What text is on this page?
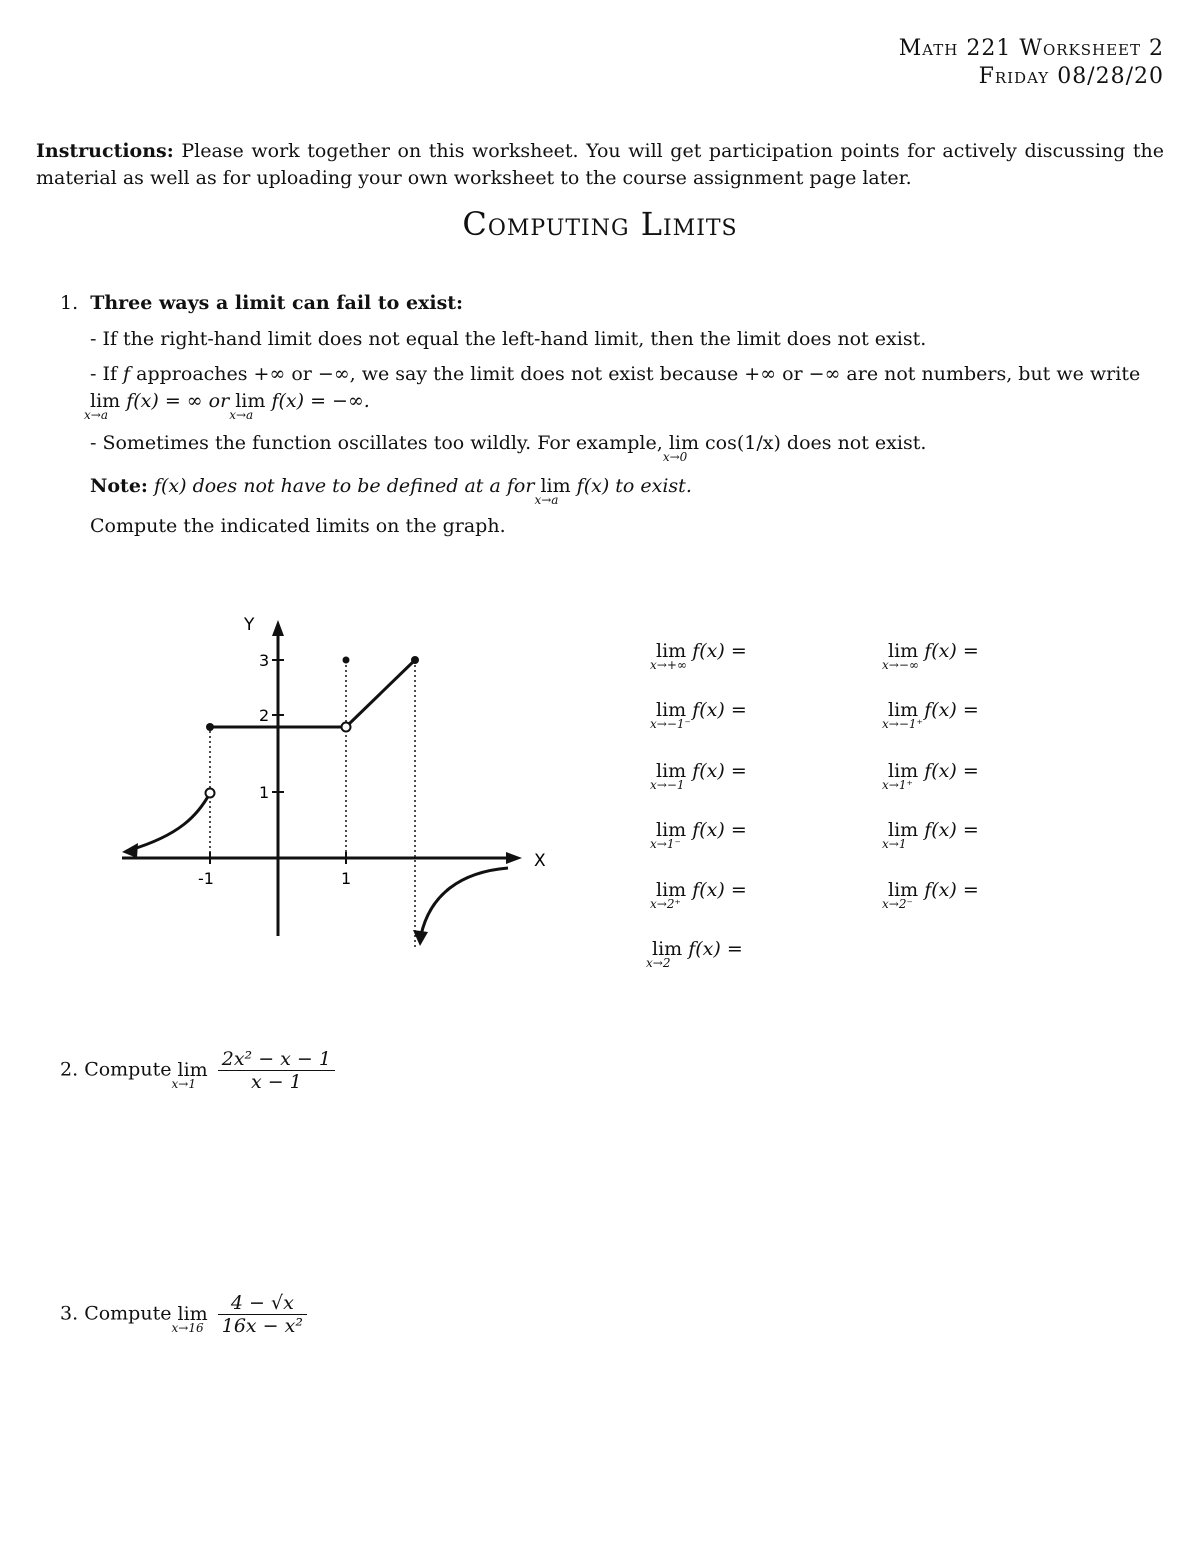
Math 221 Worksheet 2
Friday 08/28/20
Instructions: Please work together on this worksheet. You will get participation points for actively discussing the material as well as for uploading your own worksheet to the course assignment page later.
Computing Limits
1. Three ways a limit can fail to exist:
- If the right-hand limit does not equal the left-hand limit, then the limit does not exist.
- If f approaches +∞ or −∞, we say the limit does not exist because +∞ or −∞ are not numbers, but we write
lim
x→a
f(x) = ∞ or lim
x→a
f(x) = −∞.
- Sometimes the function oscillates too wildly. For example, lim
x→0
cos(1/x) does not exist.
Note: f(x) does not have to be defined at a for lim
x→a
f(x) to exist.
Compute the indicated limits on the graph.
Y
X
3
2
1
-1	1
lim
x→+∞
f(x) =	lim
x→−∞
f(x) =
lim
x→−1⁻
f(x) =	lim
x→−1⁺
f(x) =
lim
x→−1
f(x) =	lim
x→1⁺
f(x) =
lim
x→1⁻
f(x) =	lim
x→1
f(x) =
lim
x→2⁺
f(x) =	lim
x→2⁻
f(x) =
lim
x→2
f(x) =
2. Compute lim
x→1
$\frac{\text{2x² − x − 1}}{x - 1}$
3. Compute lim
x→16
$\frac{4 - √x}{\text{16x − x²}}$
